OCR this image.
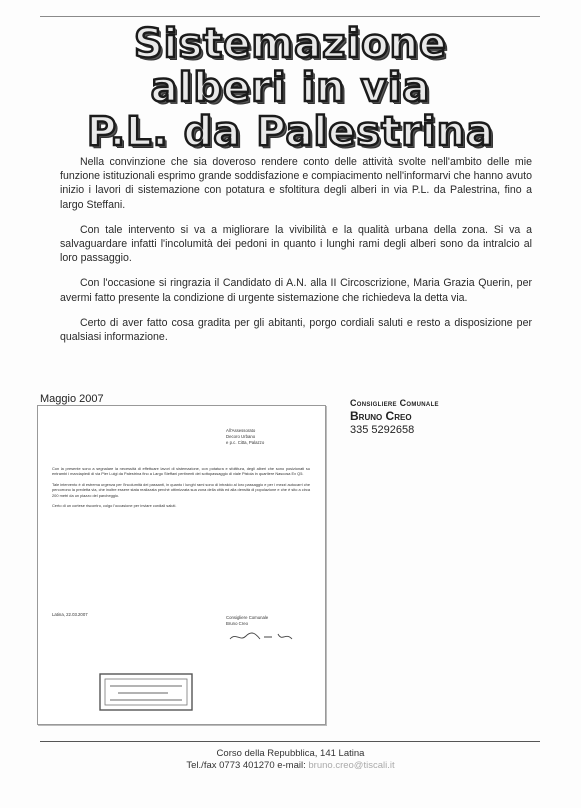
Sistemazione
alberi in via
P.L. da Palestrina

Nella convinzione che sia doveroso rendere conto delle attività svolte nell'ambito delle mie funzione istituzionali esprimo grande soddisfazione e compiacimento nell'informarvi che hanno avuto inizio i lavori di sistemazione con potatura e sfoltitura degli alberi in via P.L. da Palestrina, fino a largo Steffani.

Con tale intervento si va a migliorare la vivibilità e la qualità urbana della zona. Si va a salvaguardare infatti l'incolumità dei pedoni in quanto i lunghi rami degli alberi sono da intralcio al loro passaggio.

Con l'occasione si ringrazia il Candidato di A.N. alla II Circoscrizione, Maria Grazia Querin, per avermi fatto presente la condizione di urgente sistemazione che richiedeva la detta via.

Certo di aver fatto cosa gradita per gli abitanti, porgo cordiali saluti e resto a disposizione per qualsiasi informazione.

Maggio 2007	Consigliere Comunale
Bruno Creo
335 5292658
All'Assessorato
Decoro Urbano
e p.c. Citta, Palazzo

Con la presente sono a segnalare la necessità di effettuare lavori di sistemazione, con potatura e sfoltitura, degli alberi che sono posizionati su entrambi i marciapiedi di via Pier Luigi da Palestrina fino a Largo Steffani pertinenti del sottopassaggio di viale Pistoia in quartiere Nascosa Ex Q5.

Tale intervento è di estrema urgenza per l'incolumità dei passanti, in quanto i lunghi rami sono di intralcio al loro passaggio e per i mezzi autocarri che percorrono la predetta via, che inoltre essere stata realizzata perché ottimizzata sua zona della città ed alla densità di popolazione e che è sito a circa 200 metri da un piazzo del parcheggio.

Certo di un cortese riscontro, colgo l'occasione per inviare cordiali saluti.

Latina, 22.03.2007
Consigliere Comunale
Bruno Creo
Corso della Repubblica, 141 Latina
Tel./fax 0773 401270 e-mail: bruno.creo@tiscali.it
